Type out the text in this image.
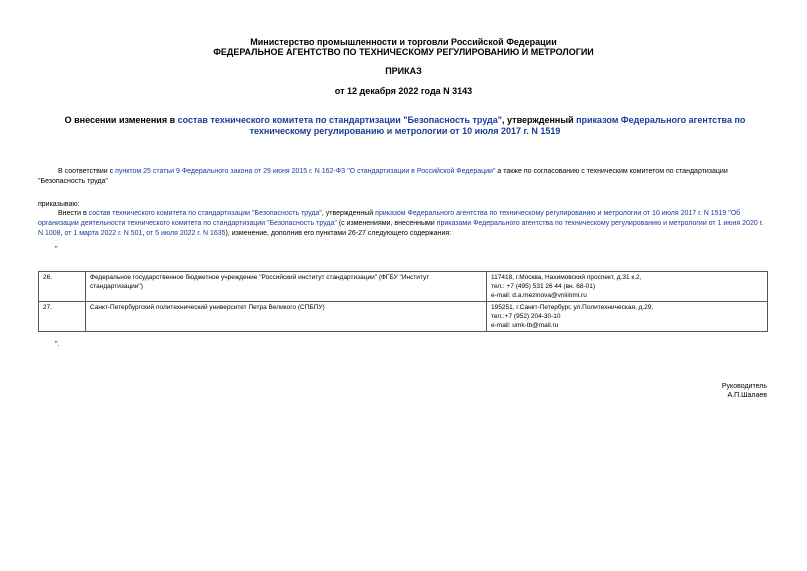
Министерство промышленности и торговли Российской Федерации
ФЕДЕРАЛЬНОЕ АГЕНТСТВО ПО ТЕХНИЧЕСКОМУ РЕГУЛИРОВАНИЮ И МЕТРОЛОГИИ
ПРИКАЗ
от 12 декабря 2022 года N 3143
О внесении изменения в состав технического комитета по стандартизации "Безопасность труда", утвержденный приказом Федерального агентства по техническому регулированию и метрологии от 10 июля 2017 г. N 1519
В соответствии с пунктом 25 статьи 9 Федерального закона от 29 июня 2015 г. N 162-ФЗ "О стандартизации в Российской Федерации" а также по согласованию с техническим комитетом по стандартизации "Безопасность труда"
приказываю:
Внести в состав технического комитета по стандартизации "Безопасность труда", утвержденный приказом Федерального агентства по техническому регулированию и метрологии от 10 июля 2017 г. N 1519 "Об организации деятельности технического комитета по стандартизации "Безопасность труда" (с изменениями, внесенными приказами Федерального агентства по техническому регулированию и метрологии от 1 июня 2020 г. N 1008, от 1 марта 2022 г. N 501, от 5 июля 2022 г. N 1635), изменение, дополнив его пунктами 26-27 следующего содержания:
"
26.	Федеральное государственное бюджетное учреждение "Российский институт стандартизации" (ФГБУ "Институт стандартизации")	117418, г.Москва, Нахимовский проспект, д.31 к.2,
тел.: +7 (495) 531 26 44 (вн. 68-01)
e-mail: d.a.mezinova@vniiinmi.ru

27.	Санкт-Петербургский политехнический университет Петра Великого (СПБПУ)	195251, г.Санкт-Петербург, ул.Политехническая, д.29,
тел.:+7 (952) 204-30-10
e-mail: umk-tb@mail.ru
".
Руководитель
А.П.Шалаев
